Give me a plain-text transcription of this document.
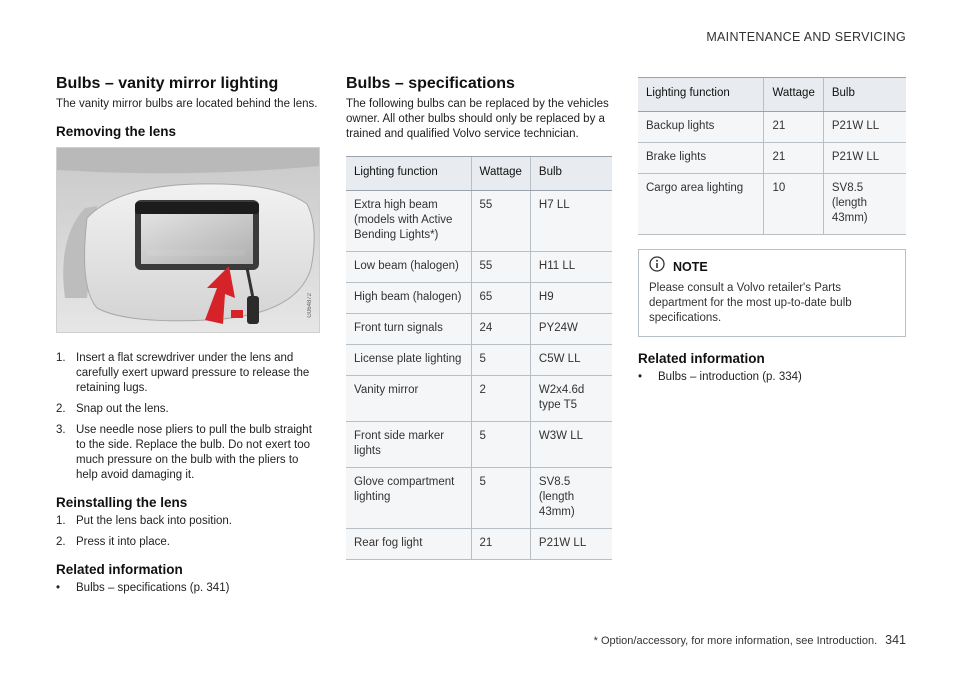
MAINTENANCE AND SERVICING
Bulbs – vanity mirror lighting

The vanity mirror bulbs are located behind the lens.

Removing the lens
G064872
1. Insert a flat screwdriver under the lens and carefully exert upward pressure to release the retaining lugs.
2. Snap out the lens.
3. Use needle nose pliers to pull the bulb straight to the side. Replace the bulb. Do not exert too much pressure on the bulb with the pliers to help avoid damaging it.
Reinstalling the lens
1. Put the lens back into position.
2. Press it into place.
Related information
•	Bulbs – specifications (p. 341)
Bulbs – specifications

The following bulbs can be replaced by the vehicles owner. All other bulbs should only be replaced by a trained and qualified Volvo service technician.

Lighting function	Wattage	Bulb
Extra high beam (models with Active Bending Lights*)	55	H7 LL
Low beam (halogen)	55	H11 LL
High beam (halogen)	65	H9
Front turn signals	24	PY24W
License plate lighting	5	C5W LL
Vanity mirror	2	W2x4.6d type T5
Front side marker lights	5	W3W LL
Glove compartment lighting	5	SV8.5 (length 43mm)
Rear fog light	21	P21W LL
Lighting function	Wattage	Bulb
Backup lights	21	P21W LL
Brake lights	21	P21W LL
Cargo area lighting	10	SV8.5 (length 43mm)
NOTE

Please consult a Volvo retailer's Parts department for the most up-to-date bulb specifications.

Related information
•	Bulbs – introduction (p. 334)
* Option/accessory, for more information, see Introduction. 341
